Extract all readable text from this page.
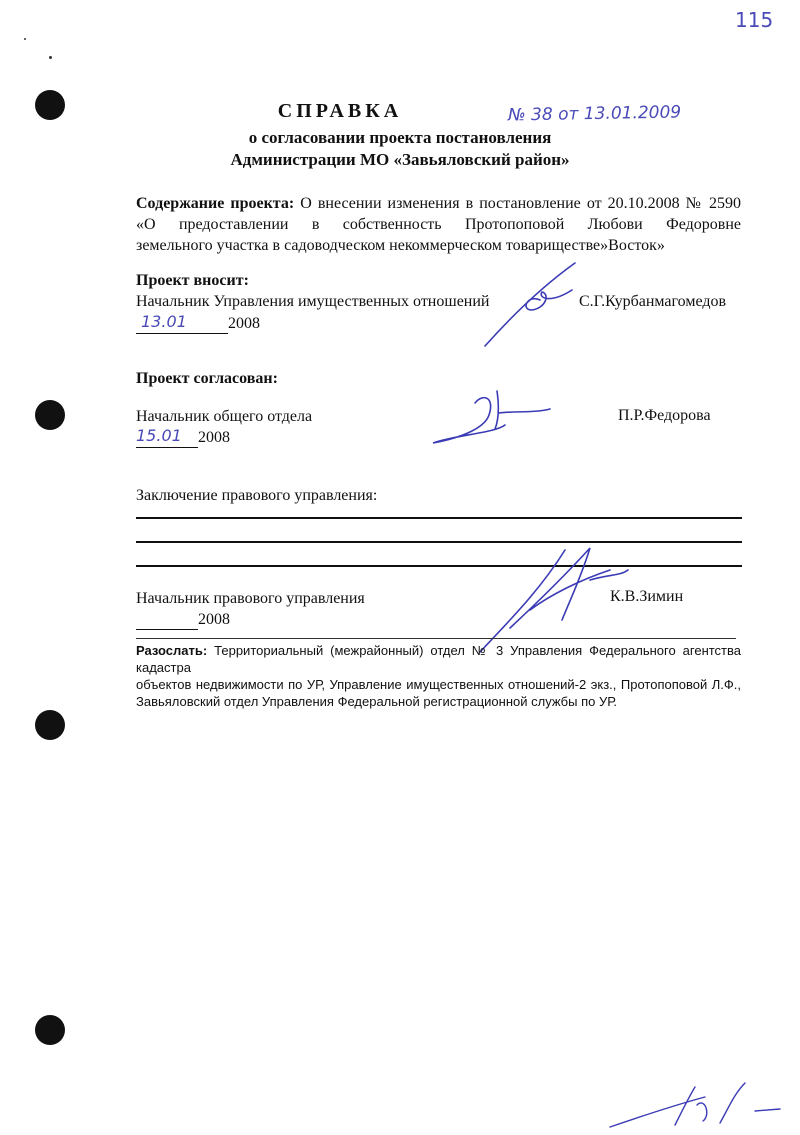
115
СПРАВКА
о согласовании проекта постановления
Администрации МО «Завьяловский район»
№ 38 от 13.01.2009
Содержание проекта: О внесении изменения в постановление от 20.10.2008 № 2590
«О предоставлении в собственность Протопоповой Любови Федоровне
земельного участка в садоводческом некоммерческом товариществе»Восток»
Проект вносит:
Начальник Управления имущественных отношений
13.01	2008
С.Г.Курбанмагомедов
Проект согласован:
Начальник общего отдела
15.01 2008
П.Р.Федорова
Заключение правового управления:
Начальник правового управления
2008
К.В.Зимин
Разослать: Территориальный (межрайонный) отдел № 3 Управления Федерального агентства кадастра
объектов недвижимости по УР, Управление имущественных отношений-2 экз., Протопоповой Л.Ф.,
Завьяловский отдел Управления Федеральной регистрационной службы по УР.
